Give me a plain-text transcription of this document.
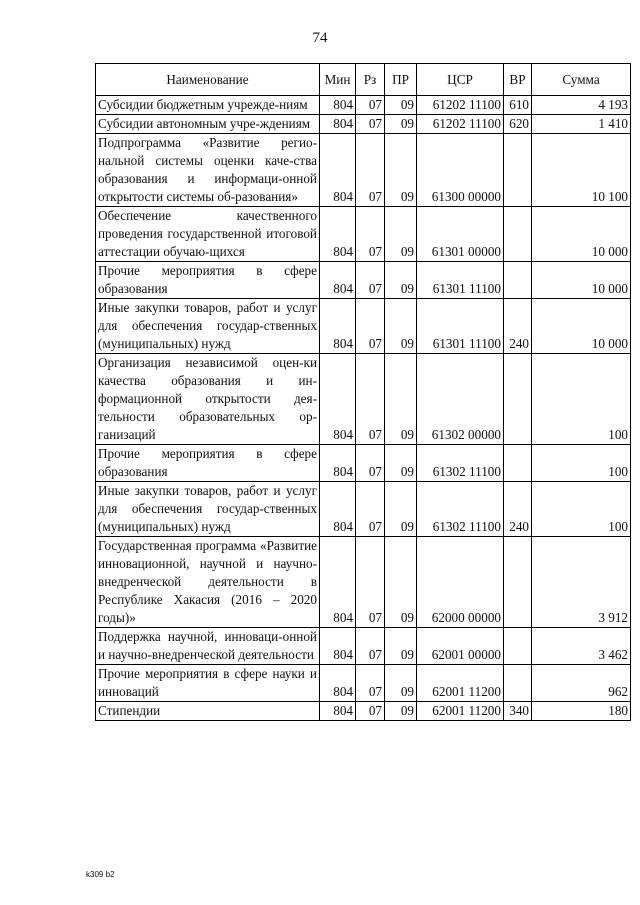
74
Наименование	Мин	Рз	ПР	ЦСР	ВР	Сумма
Субсидии бюджетным учрежде-ниям	804	07	09	61202 11100	610	4 193
Субсидии автономным учре-ждениям	804	07	09	61202 11100	620	1 410
Подпрограмма «Развитие регио-нальной системы оценки каче-ства образования и информаци-онной открытости системы об-разования»	804	07	09	61300 00000		10 100
Обеспечение качественного проведения государственной итоговой аттестации обучаю-щихся	804	07	09	61301 00000		10 000
Прочие мероприятия в сфере образования	804	07	09	61301 11100		10 000
Иные закупки товаров, работ и услуг для обеспечения государ-ственных (муниципальных) нужд	804	07	09	61301 11100	240	10 000
Организация независимой оцен-ки качества образования и ин-формационной открытости дея-тельности образовательных ор-ганизаций	804	07	09	61302 00000		100
Прочие мероприятия в сфере образования	804	07	09	61302 11100		100
Иные закупки товаров, работ и услуг для обеспечения государ-ственных (муниципальных) нужд	804	07	09	61302 11100	240	100
Государственная программа «Развитие инновационной, научной и научно-внедренческой деятельности в Республике Хакасия (2016 – 2020 годы)»	804	07	09	62000 00000		3 912
Поддержка научной, инноваци-онной и научно-внедренческой деятельности	804	07	09	62001 00000		3 462
Прочие мероприятия в сфере науки и инноваций	804	07	09	62001 11200		962
Стипендии	804	07	09	62001 11200	340	180
k309 b2
